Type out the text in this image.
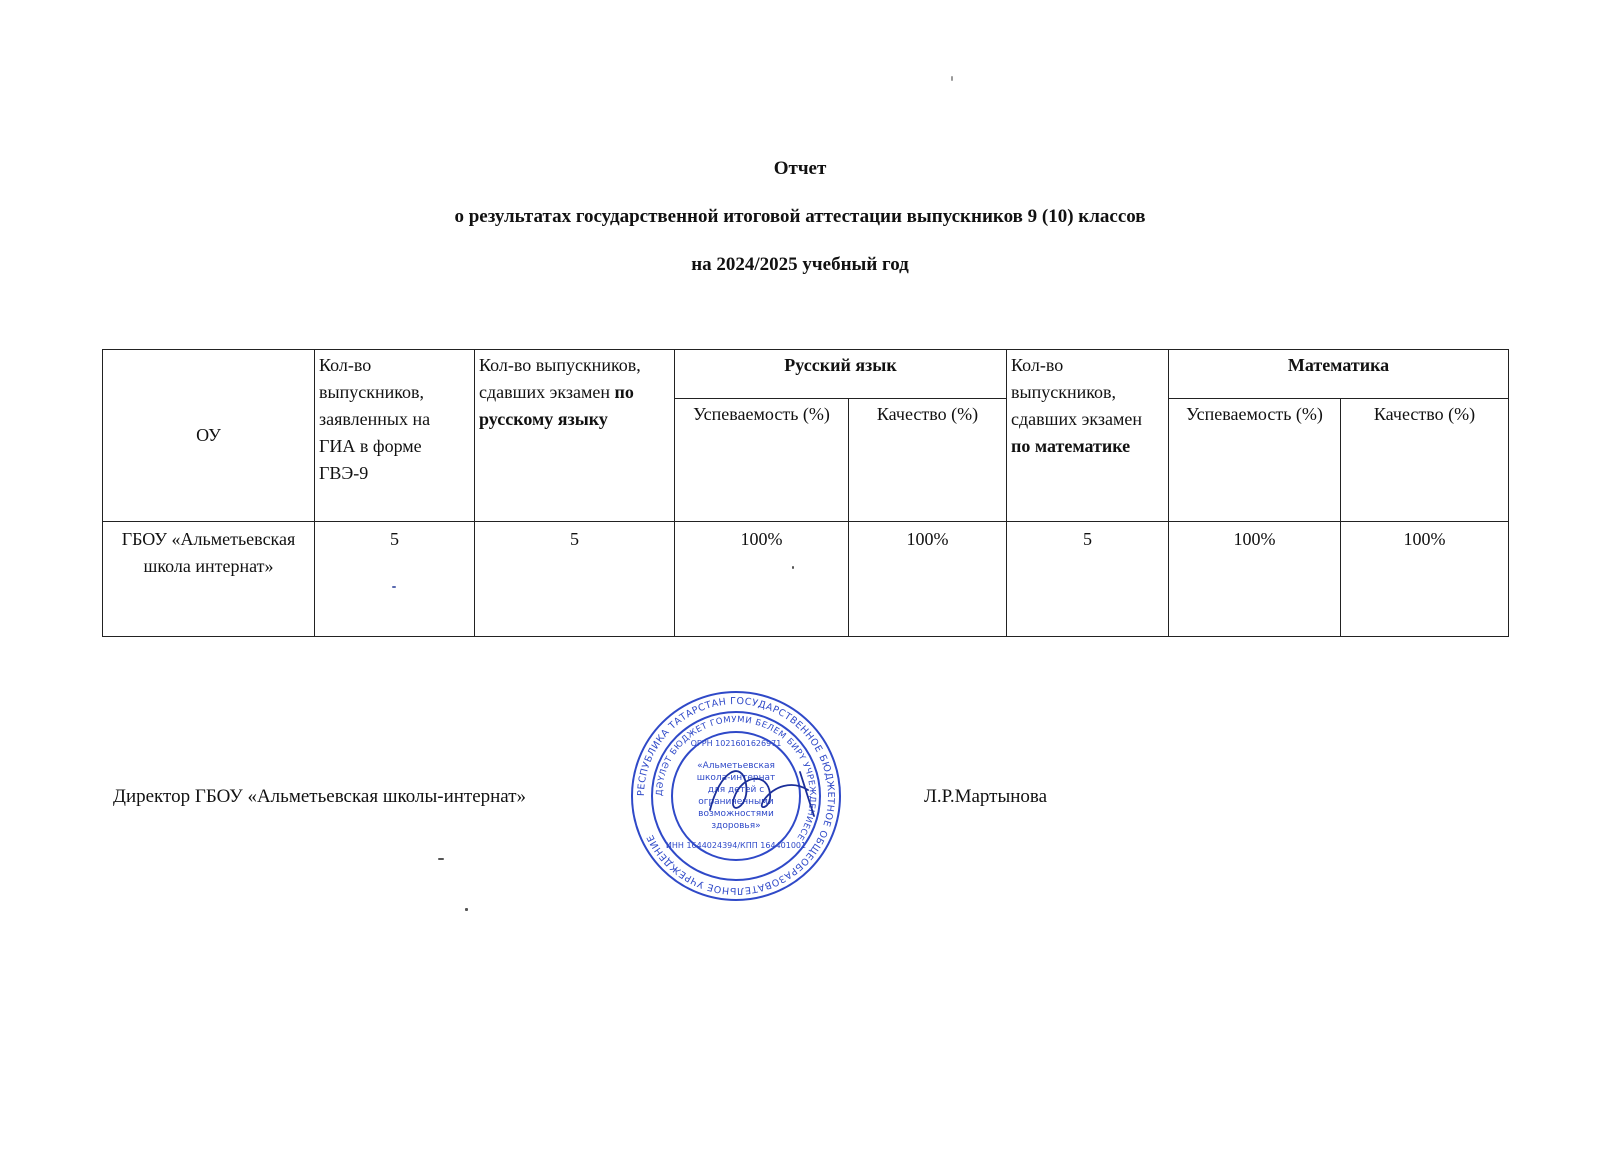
Отчет
о результатах государственной итоговой аттестации выпускников 9 (10) классов
на 2024/2025 учебный год
ОУ	Кол-во выпускников, заявленных на ГИА в форме ГВЭ-9	Кол-во выпускников, сдавших экзамен по русскому языку	Русский язык		Кол-во выпускников, сдавших экзамен по математике	Математика	
			Успеваемость (%)	Качество (%)		Успеваемость (%)	Качество (%)
ГБОУ «Альметьевская школа интернат»	5	5	100%	100%	5	100%	100%
Директор ГБОУ «Альметьевская школы-интернат»	Л.Р.Мартынова
РЕСПУБЛИКА ТАТАРСТАН ГОСУДАРСТВЕННОЕ БЮДЖЕТНОЕ ОБЩЕОБРАЗОВАТЕЛЬНОЕ УЧРЕЖДЕНИЕ
ДӘҮЛӘТ БЮДЖЕТ ГОМУМИ БЕЛЕМ БИРҮ УЧРЕЖДЕНИЕСЕ
ОГРН 1021601626971
«Альметьевская
школа-интернат
для детей с
ограниченными
возможностями
здоровья»
ИНН 1644024394/КПП 164401001
